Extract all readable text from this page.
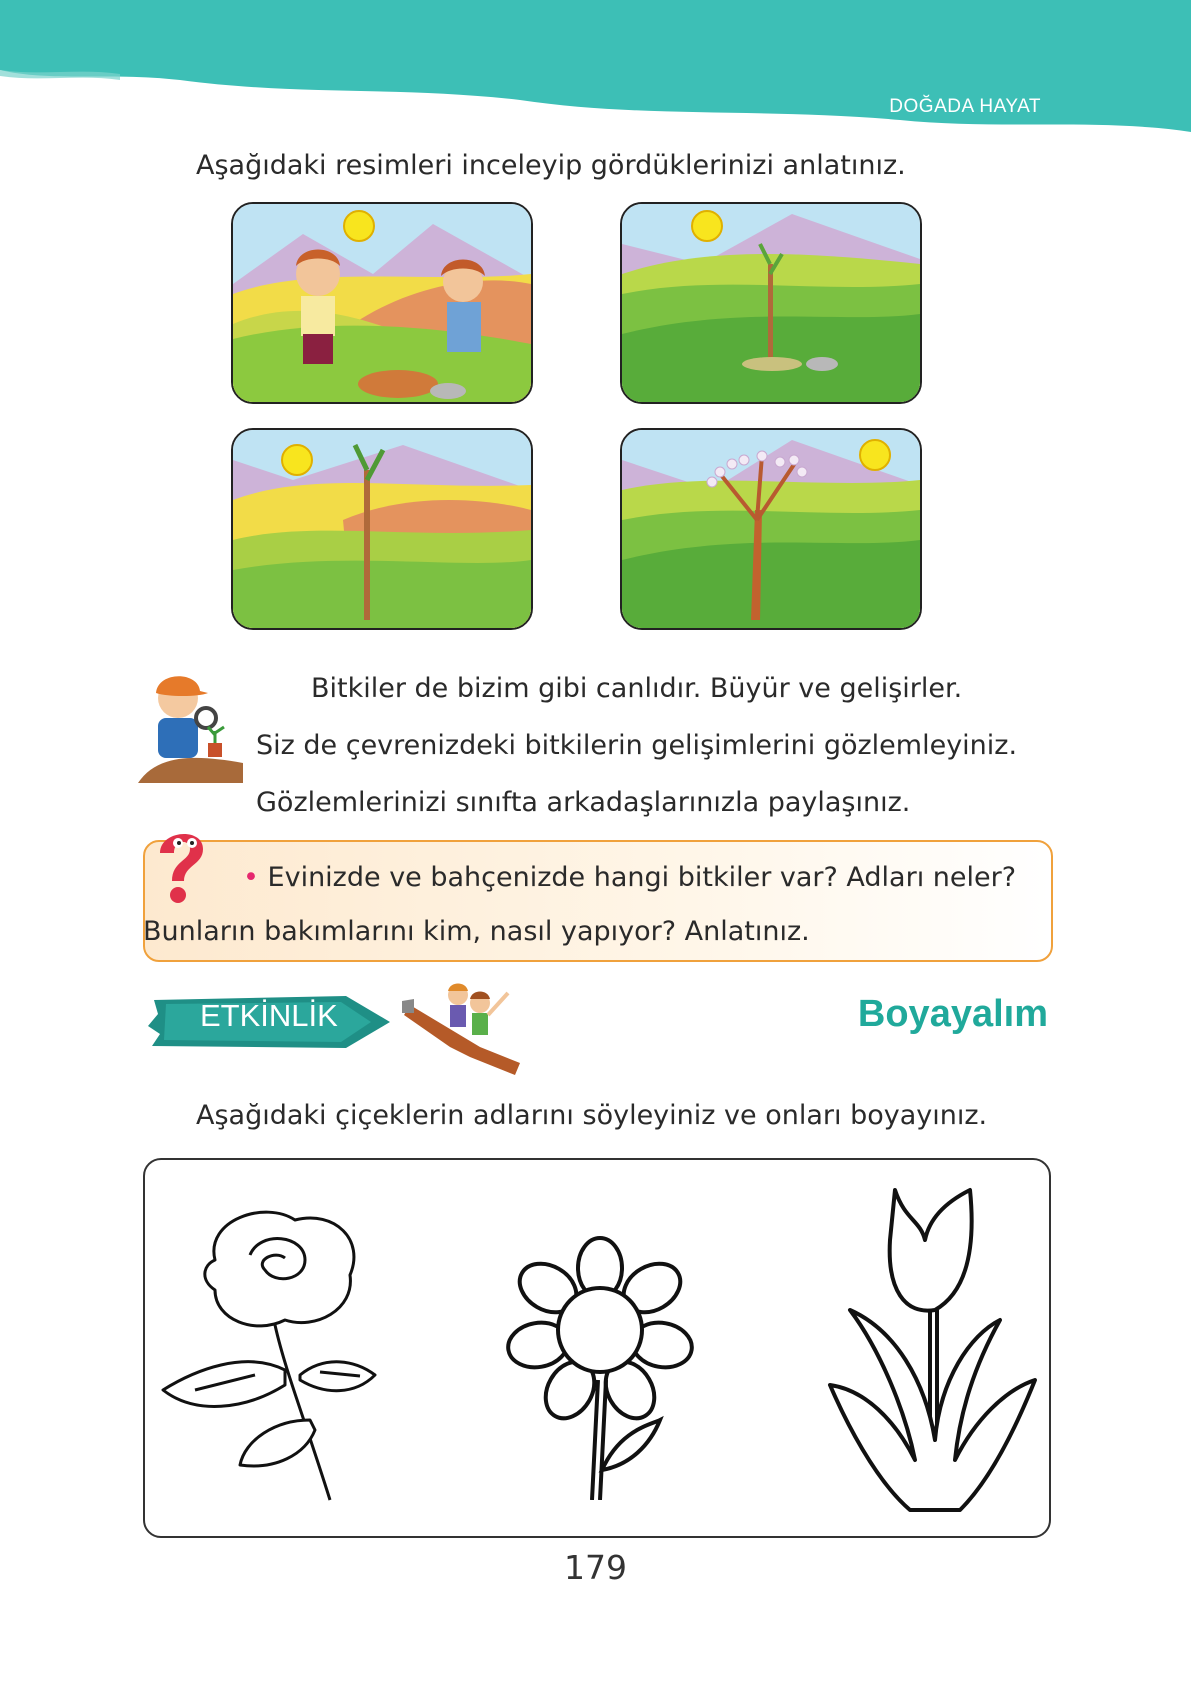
DOĞADA HAYAT
Aşağıdaki resimleri inceleyip gördüklerinizi anlatınız.
Bitkiler de bizim gibi canlıdır. Büyür ve gelişirler.
Siz de çevrenizdeki bitkilerin gelişimlerini gözlemleyiniz.
Gözlemlerinizi sınıfta arkadaşlarınızla paylaşınız.
• Evinizde ve bahçenizde hangi bitkiler var? Adları neler?
Bunların bakımlarını kim, nasıl yapıyor? Anlatınız.
ETKİNLİK	Boyayalım
Aşağıdaki çiçeklerin adlarını söyleyiniz ve onları boyayınız.
179
